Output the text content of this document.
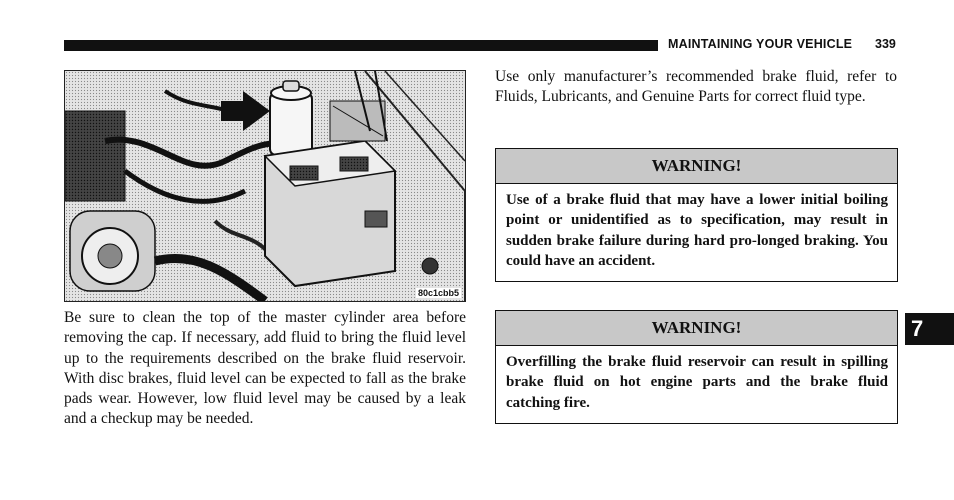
MAINTAINING YOUR VEHICLE 339
80c1cbb5
Be sure to clean the top of the master cylinder area before removing the cap. If necessary, add fluid to bring the fluid level up to the requirements described on the brake fluid reservoir. With disc brakes, fluid level can be expected to fall as the brake pads wear. However, low fluid level may be caused by a leak and a checkup may be needed.
Use only manufacturer’s recommended brake fluid, refer to Fluids, Lubricants, and Genuine Parts for correct fluid type.
WARNING!
Use of a brake fluid that may have a lower initial boiling point or unidentified as to specification, may result in sudden brake failure during hard pro-longed braking. You could have an accident.
WARNING!
Overfilling the brake fluid reservoir can result in spilling brake fluid on hot engine parts and the brake fluid catching fire.
7
